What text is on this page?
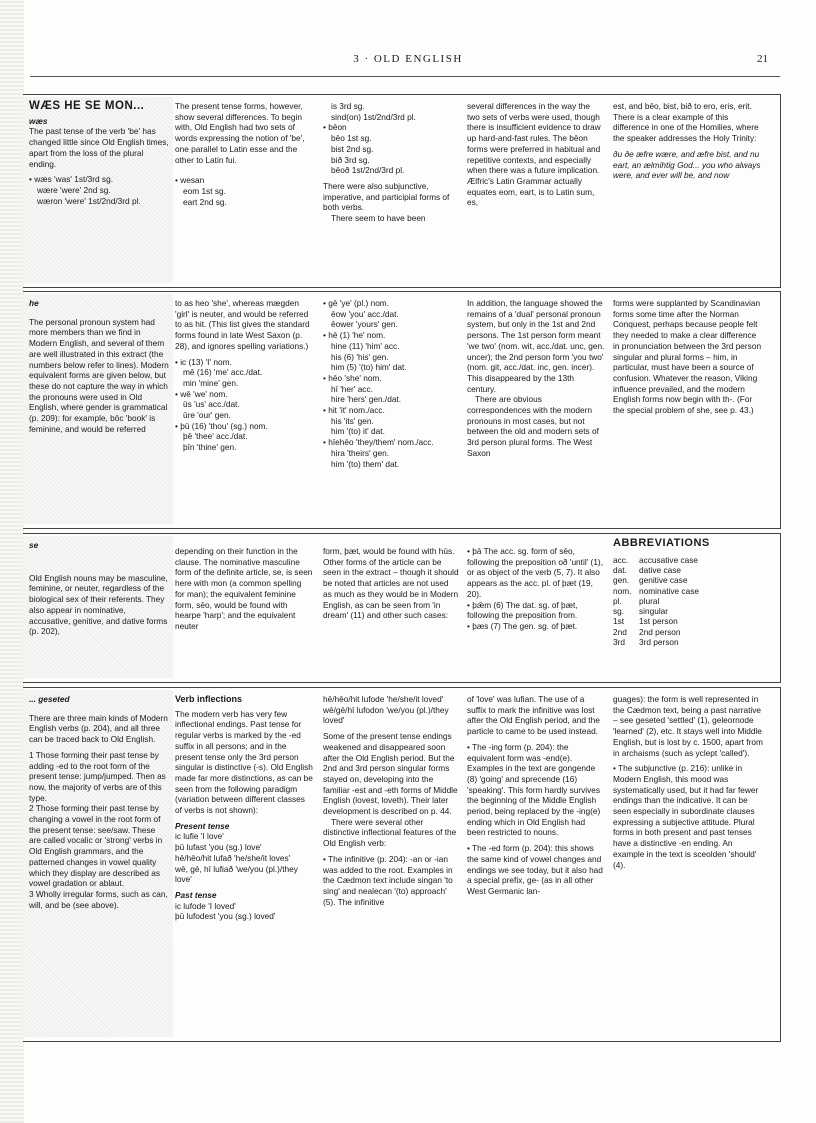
3 · OLD ENGLISH	21

WÆS HE SE MON...

wæs

The past tense of the verb 'be' has changed little since Old English times, apart from the loss of the plural ending.

• wæs 'was' 1st/3rd sg.

wære 'were' 2nd sg.

wæron 'were' 1st/2nd/3rd pl.

The present tense forms, however, show several differences. To begin with, Old English had two sets of words expressing the notion of 'be', one parallel to Latin esse and the other to Latin fui.

• wesan

eom 1st sg.

eart 2nd sg.

is 3rd sg.

sind(on) 1st/2nd/3rd pl.

• bēon

bēo 1st sg.

bist 2nd sg.

bið 3rd sg.

bēoð 1st/2nd/3rd pl.

There were also subjunctive, imperative, and participial forms of both verbs.

There seem to have been

several differences in the way the two sets of verbs were used, though there is insufficient evidence to draw up hard-and-fast rules. The bēon forms were preferred in habitual and repetitive contexts, and especially when there was a future implication. Ælfric's Latin Grammar actually equates eom, eart, is to Latin sum, es,

est, and bēo, bist, bið to ero, eris, erit. There is a clear example of this difference in one of the Homilies, where the speaker addresses the Holy Trinity:

ðu ðe æfre wære, and æfre bist, and nu eart, an ælmihtig God... you who always were, and ever will be, and now

he

The personal pronoun system had more members than we find in Modern English, and several of them are well illustrated in this extract (the numbers below refer to lines). Modern equivalent forms are given below, but these do not capture the way in which the pronouns were used in Old English, where gender is grammatical (p. 209): for example, bōc 'book' is feminine, and would be referred

to as heo 'she', whereas mægden 'girl' is neuter, and would be referred to as hit. (This list gives the standard forms found in late West Saxon (p. 28), and ignores spelling variations.)

• ic (13) 'I' nom.

mē (16) 'me' acc./dat.

min 'mine' gen.

• wē 'we' nom.

ūs 'us' acc./dat.

ūre 'our' gen.

• þū (16) 'thou' (sg.) nom.

þē 'thee' acc./dat.

þīn 'thine' gen.

• gē 'ye' (pl.) nom.

ēow 'you' acc./dat.

ēower 'yours' gen.

• hē (1) 'he' nom.

hine (11) 'him' acc.

his (6) 'his' gen.

him (5) '(to) him' dat.

• hēo 'she' nom.

hī 'her' acc.

hire 'hers' gen./dat.

• hit 'it' nom./acc.

his 'its' gen.

him '(to) it' dat.

• hīehēo 'they/them' nom./acc.

hira 'theirs' gen.

him '(to) them' dat.

In addition, the language showed the remains of a 'dual' personal pronoun system, but only in the 1st and 2nd persons. The 1st person form meant 'we two' (nom. wit, acc./dat. unc, gen. uncer); the 2nd person form 'you two' (nom. git, acc./dat. inc, gen. incer). This disappeared by the 13th century.

There are obvious correspondences with the modern pronouns in most cases, but not between the old and modern sets of 3rd person plural forms. The West Saxon

forms were supplanted by Scandinavian forms some time after the Norman Conquest, perhaps because people felt they needed to make a clear difference in pronunciation between the 3rd person singular and plural forms – him, in particular, must have been a source of confusion. Whatever the reason, Viking influence prevailed, and the modern English forms now begin with th-. (For the special problem of she, see p. 43.)

se

Old English nouns may be masculine, feminine, or neuter, regardless of the biological sex of their referents. They also appear in nominative, accusative, genitive, and dative forms (p. 202),

depending on their function in the clause. The nominative masculine form of the definite article, se, is seen here with mon (a common spelling for man); the equivalent feminine form, sēo, would be found with hearpe 'harp'; and the equivalent neuter

form, þæt, would be found with hūs. Other forms of the article can be seen in the extract – though it should be noted that articles are not used as much as they would be in Modern English, as can be seen from 'in dream' (11) and other such cases:

• þā The acc. sg. form of sēo, following the preposition oð 'until' (1), or as object of the verb (5, 7). It also appears as the acc. pl. of þæt (19, 20).

• þǣm (6) The dat. sg. of þæt, following the preposition from.

• þæs (7) The gen. sg. of þæt.

ABBREVIATIONS

acc.	accusative case
dat.	dative case
gen.	genitive case
nom. nominative case
pl.	plural
sg.	singular
1st	1st person
2nd	2nd person
3rd	3rd person

... geseted

There are three main kinds of Modern English verbs (p. 204), and all three can be traced back to Old English.

1 Those forming their past tense by adding -ed to the root form of the present tense: jump/jumped. Then as now, the majority of verbs are of this type.

2 Those forming their past tense by changing a vowel in the root form of the present tense: see/saw. These are called vocalic or 'strong' verbs in Old English grammars, and the patterned changes in vowel quality which they display are described as vowel gradation or ablaut.

3 Wholly irregular forms, such as can, will, and be (see above).

Verb inflections

The modern verb has very few inflectional endings. Past tense for regular verbs is marked by the -ed suffix in all persons; and in the present tense only the 3rd person singular is distinctive (-s). Old English made far more distinctions, as can be seen from the following paradigm (variation between different classes of verbs is not shown):

Present tense

ic lufie 'I love'

þū lufast 'you (sg.) love'

hē/hēo/hit lufað 'he/she/it loves'

wē, gē, hī lufiað 'we/you (pl.)/they love'

Past tense

ic lufode 'I loved'

þū lufodest 'you (sg.) loved'

hē/hēo/hit lufode 'he/she/it loved'

wē/gē/hī lufodon 'we/you (pl.)/they loved'

Some of the present tense endings weakened and disappeared soon after the Old English period. But the 2nd and 3rd person singular forms stayed on, developing into the familiar -est and -eth forms of Middle English (lovest, loveth). Their later development is described on p. 44.

There were several other distinctive inflectional features of the Old English verb:

• The infinitive (p. 204): -an or -ian was added to the root. Examples in the Cædmon text include singan 'to sing' and nealecan '(to) approach' (5). The infinitive

of 'love' was lufian. The use of a suffix to mark the infinitive was lost after the Old English period, and the particle to came to be used instead.

• The -ing form (p. 204): the equivalent form was -end(e). Examples in the text are gongende (8) 'going' and sprecende (16) 'speaking'. This form hardly survives the beginning of the Middle English period, being replaced by the -ing(e) ending which in Old English had been restricted to nouns.

• The -ed form (p. 204): this shows the same kind of vowel changes and endings we see today, but it also had a special prefix, ge- (as in all other West Germanic lan-

guages): the form is well represented in the Cædmon text, being a past narrative – see geseted 'settled' (1), geleornode 'learned' (2), etc. It stays well into Middle English, but is lost by c. 1500, apart from in archaisms (such as yclept 'called').

• The subjunctive (p. 216): unlike in Modern English, this mood was systematically used, but it had far fewer endings than the indicative. It can be seen especially in subordinate clauses expressing a subjective attitude. Plural forms in both present and past tenses have a distinctive -en ending. An example in the text is sceolden 'should' (4).
